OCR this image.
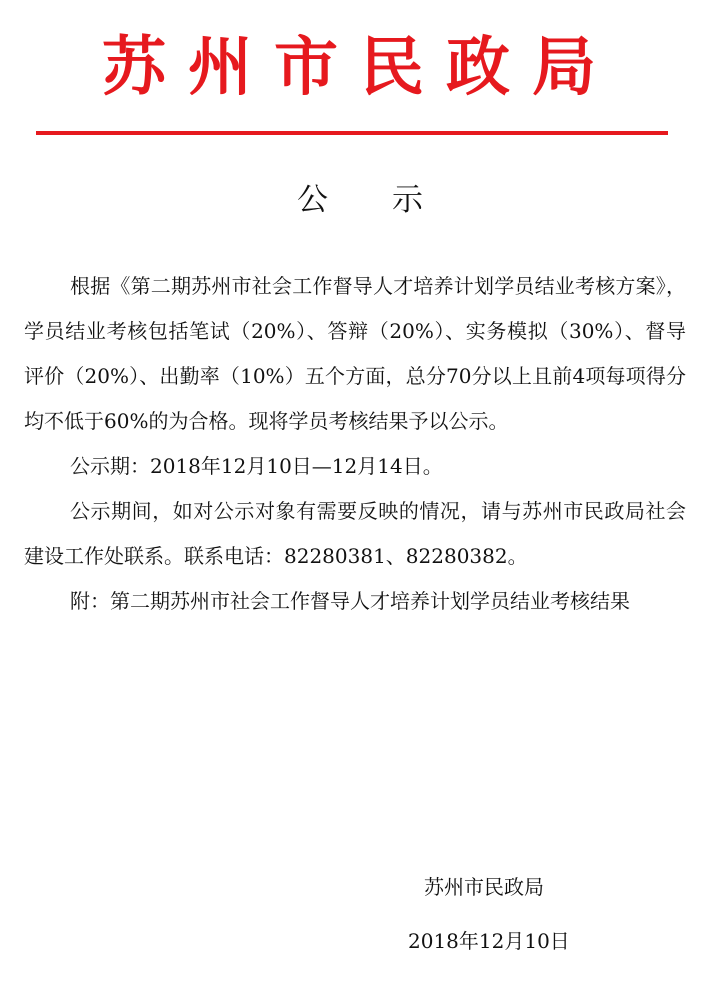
苏州市民政局
公示

根据《第二期苏州市社会工作督导人才培养计划学员结业考核方案》，学员结业考核包括笔试（20%）、答辩（20%）、实务模拟（30%）、督导评价（20%）、出勤率（10%）五个方面，总分70分以上且前4项每项得分均不低于60%的为合格。现将学员考核结果予以公示。

公示期：2018年12月10日—12月14日。

公示期间，如对公示对象有需要反映的情况，请与苏州市民政局社会建设工作处联系。联系电话：82280381、82280382。

附：第二期苏州市社会工作督导人才培养计划学员结业考核结果

苏州市民政局
2018年12月10日
